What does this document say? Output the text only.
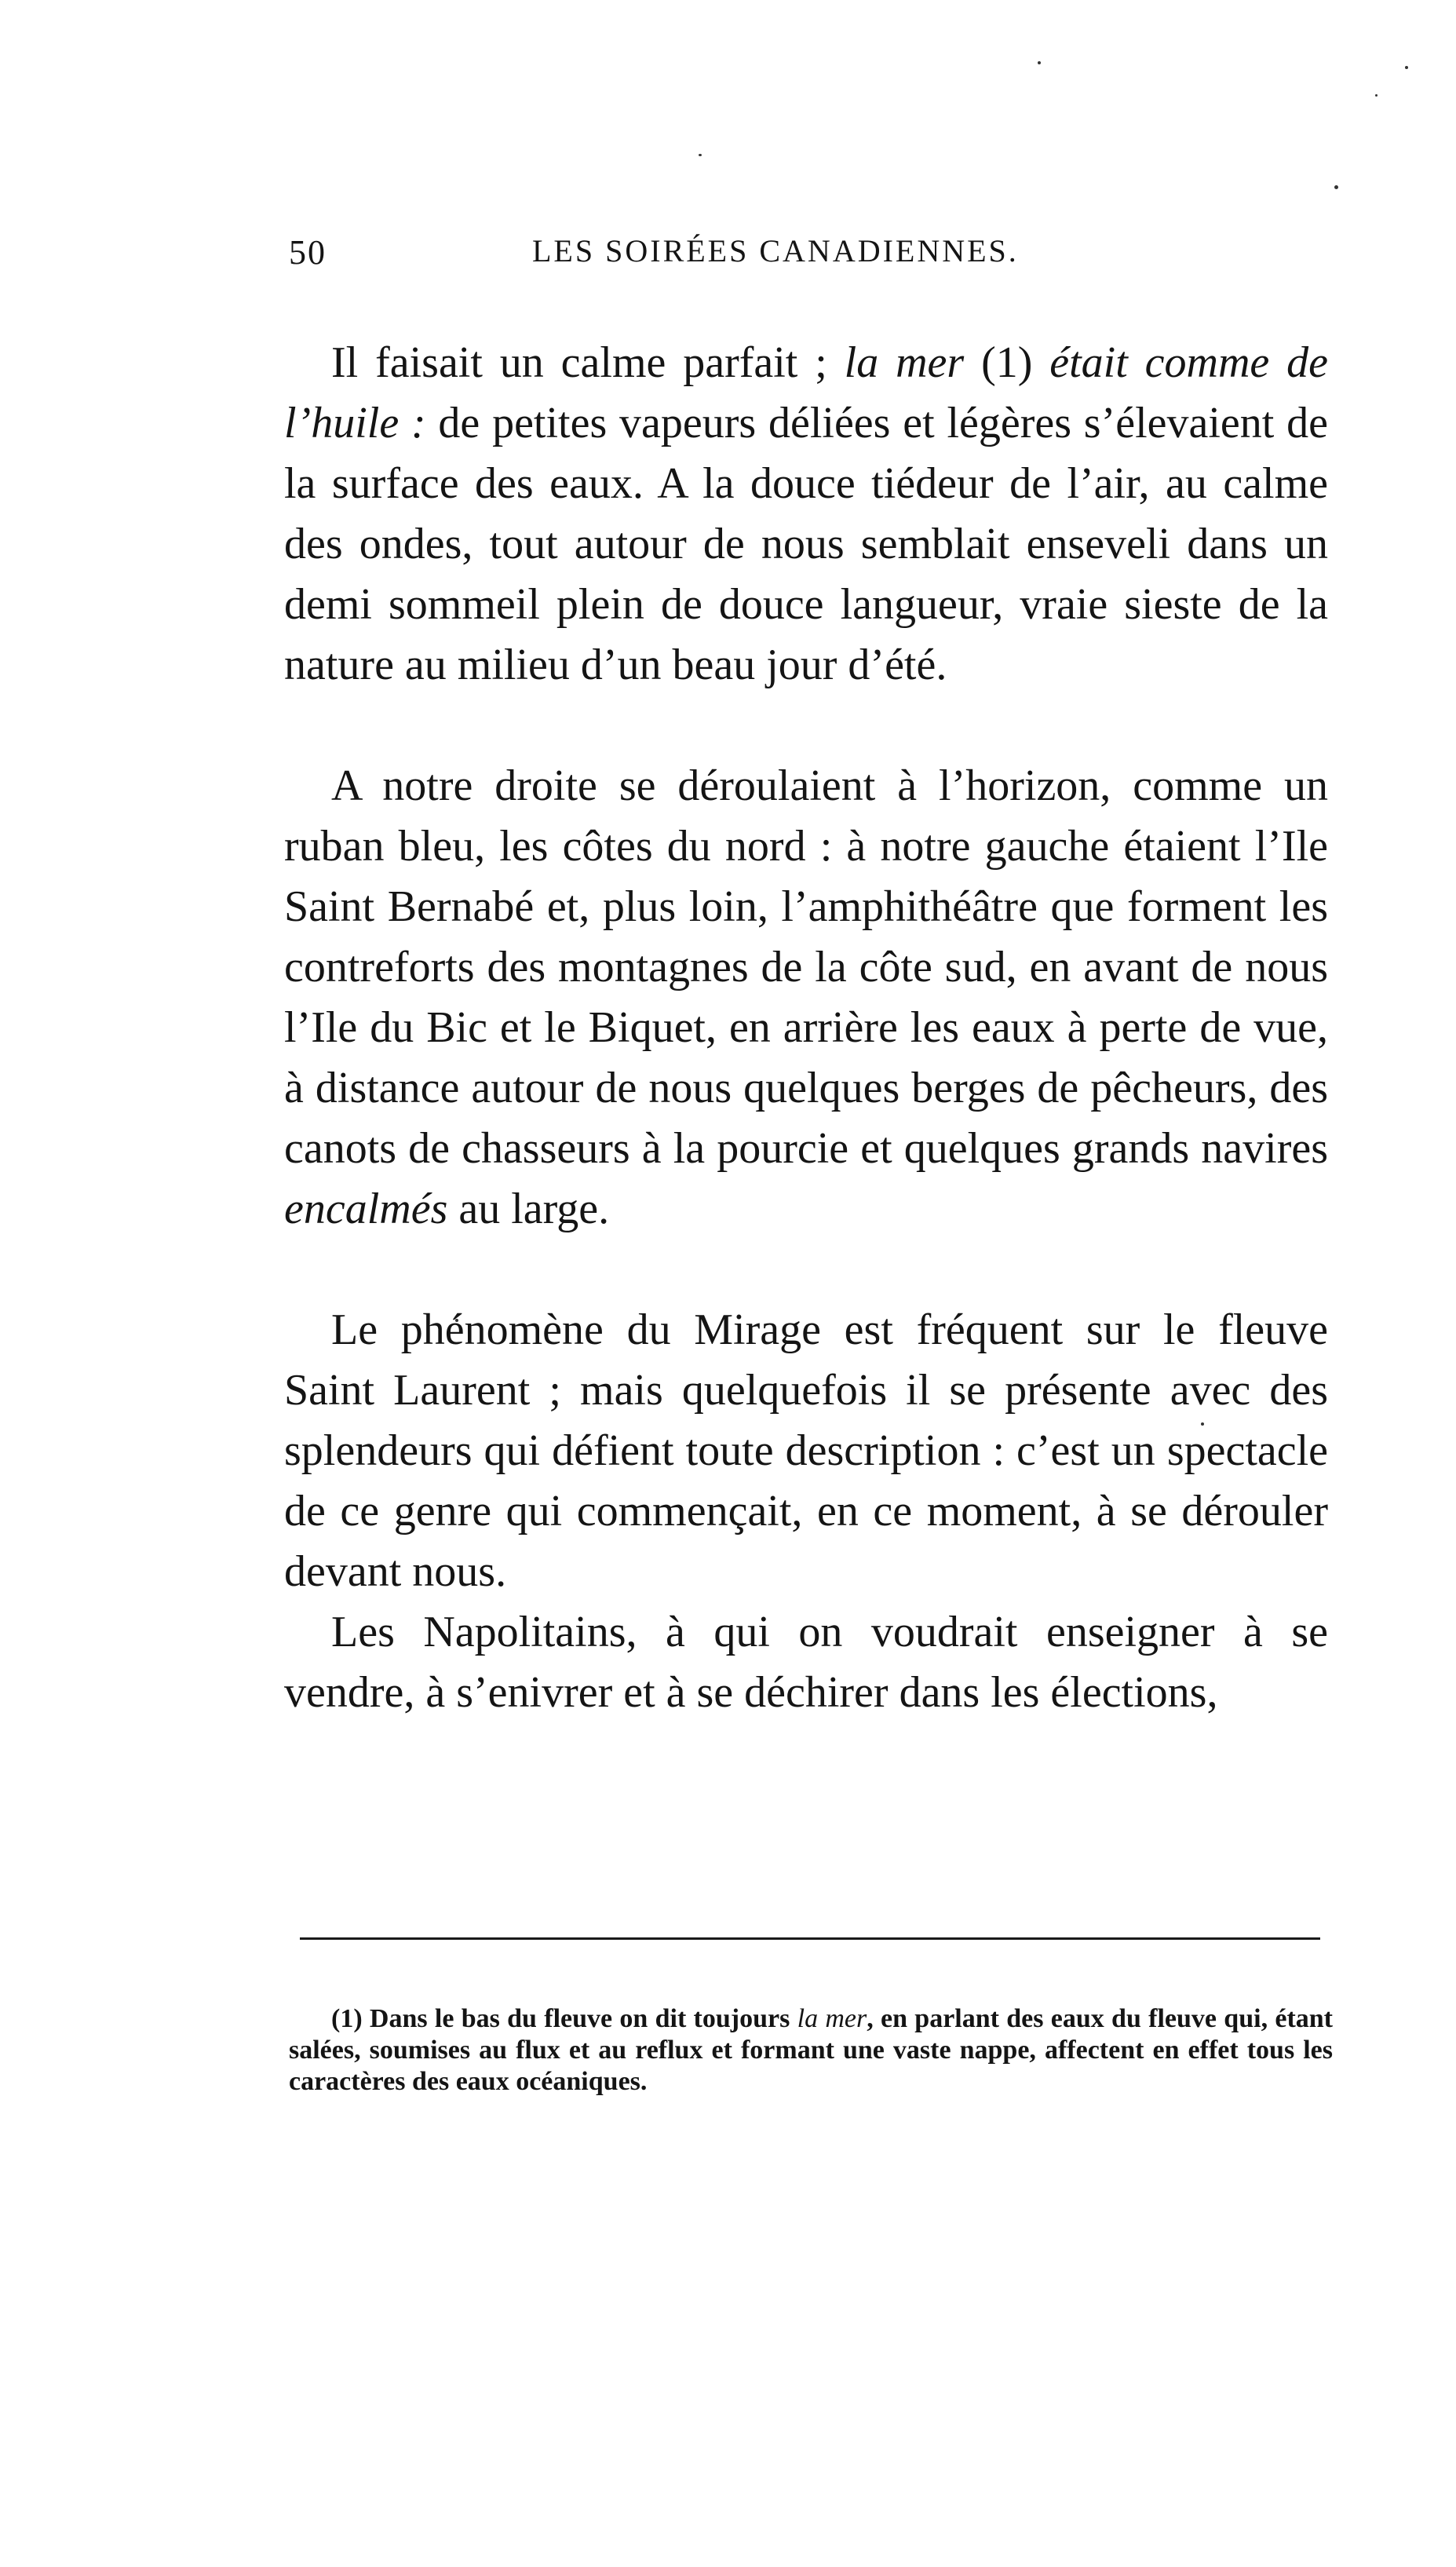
50	LES SOIRÉES CANADIENNES.

Il faisait un calme parfait ; la mer (1) était comme de l’huile : de petites vapeurs déliées et légères s’élevaient de la surface des eaux. A la douce tiédeur de l’air, au calme des ondes, tout autour de nous semblait enseveli dans un demi sommeil plein de douce langueur, vraie sieste de la nature au milieu d’un beau jour d’été.

A notre droite se déroulaient à l’horizon, comme un ruban bleu, les côtes du nord : à notre gauche étaient l’Ile Saint Bernabé et, plus loin, l’amphithéâtre que forment les contreforts des montagnes de la côte sud, en avant de nous l’Ile du Bic et le Biquet, en arrière les eaux à perte de vue, à distance autour de nous quelques berges de pêcheurs, des canots de chasseurs à la pourcie et quelques grands navires encalmés au large.

Le phénomène du Mirage est fréquent sur le fleuve Saint Laurent ; mais quelquefois il se présente avec des splendeurs qui défient toute description : c’est un spectacle de ce genre qui commençait, en ce moment, à se dérouler devant nous.

Les Napolitains, à qui on voudrait enseigner à se vendre, à s’enivrer et à se déchirer dans les élections,

(1) Dans le bas du fleuve on dit toujours la mer, en parlant des eaux du fleuve qui, étant salées, soumises au flux et au reflux et formant une vaste nappe, affectent en effet tous les caractères des eaux océaniques.
